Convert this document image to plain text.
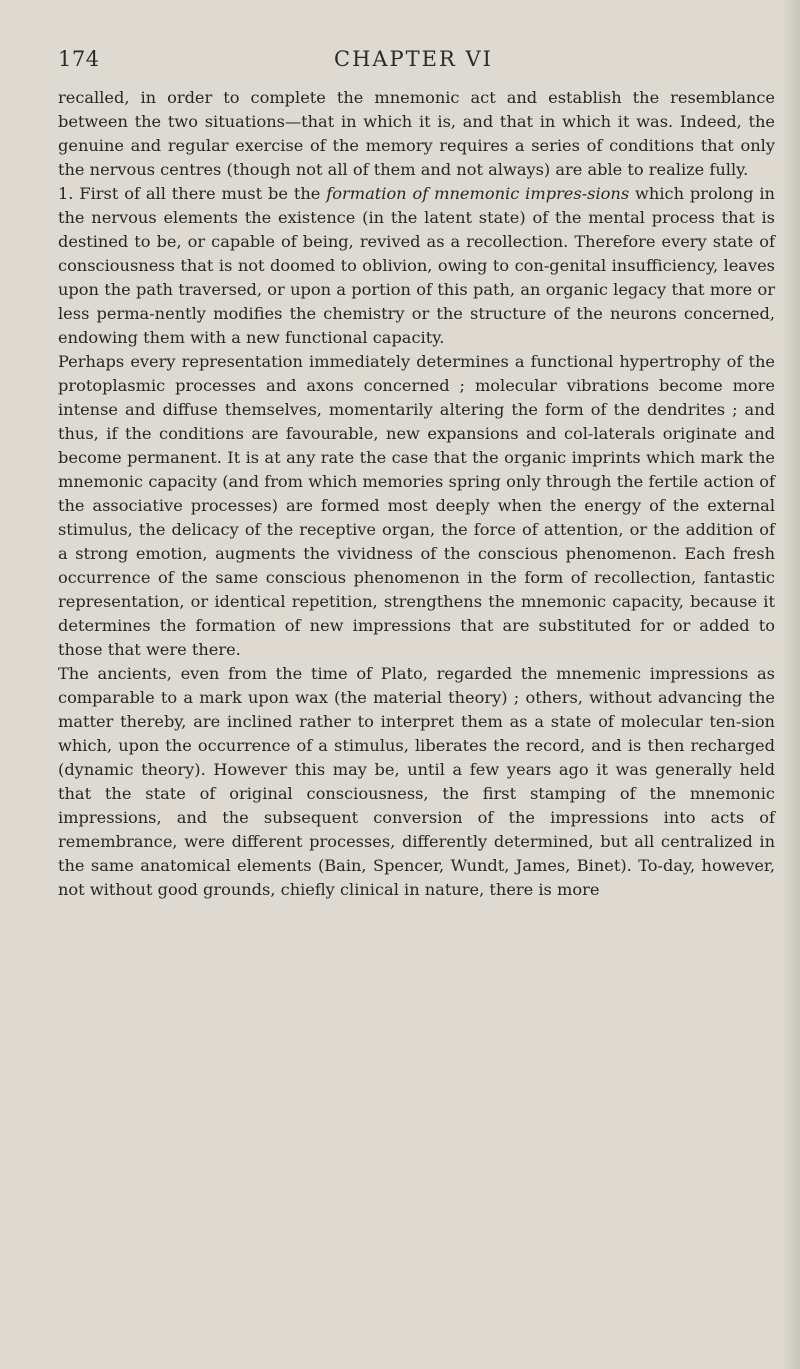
174	CHAPTER VI

recalled, in order to complete the mnemonic act and establish the resemblance between the two situations—that in which it is, and that in which it was. Indeed, the genuine and regular exercise of the memory requires a series of conditions that only the nervous centres (though not all of them and not always) are able to realize fully.

1. First of all there must be the formation of mnemonic impres-sions which prolong in the nervous elements the existence (in the latent state) of the mental process that is destined to be, or capable of being, revived as a recollection. Therefore every state of consciousness that is not doomed to oblivion, owing to con-genital insufficiency, leaves upon the path traversed, or upon a portion of this path, an organic legacy that more or less perma-nently modifies the chemistry or the structure of the neurons concerned, endowing them with a new functional capacity.

Perhaps every representation immediately determines a functional hypertrophy of the protoplasmic processes and axons concerned ; molecular vibrations become more intense and diffuse themselves, momentarily altering the form of the dendrites ; and thus, if the conditions are favourable, new expansions and col-laterals originate and become permanent. It is at any rate the case that the organic imprints which mark the mnemonic capacity (and from which memories spring only through the fertile action of the associative processes) are formed most deeply when the energy of the external stimulus, the delicacy of the receptive organ, the force of attention, or the addition of a strong emotion, augments the vividness of the conscious phenomenon. Each fresh occurrence of the same conscious phenomenon in the form of recollection, fantastic representation, or identical repetition, strengthens the mnemonic capacity, because it determines the formation of new impressions that are substituted for or added to those that were there.

The ancients, even from the time of Plato, regarded the mnemenic impressions as comparable to a mark upon wax (the material theory) ; others, without advancing the matter thereby, are inclined rather to interpret them as a state of molecular ten-sion which, upon the occurrence of a stimulus, liberates the record, and is then recharged (dynamic theory). However this may be, until a few years ago it was generally held that the state of original consciousness, the first stamping of the mnemonic impressions, and the subsequent conversion of the impressions into acts of remembrance, were different processes, differently determined, but all centralized in the same anatomical elements (Bain, Spencer, Wundt, James, Binet). To-day, however, not without good grounds, chiefly clinical in nature, there is more
